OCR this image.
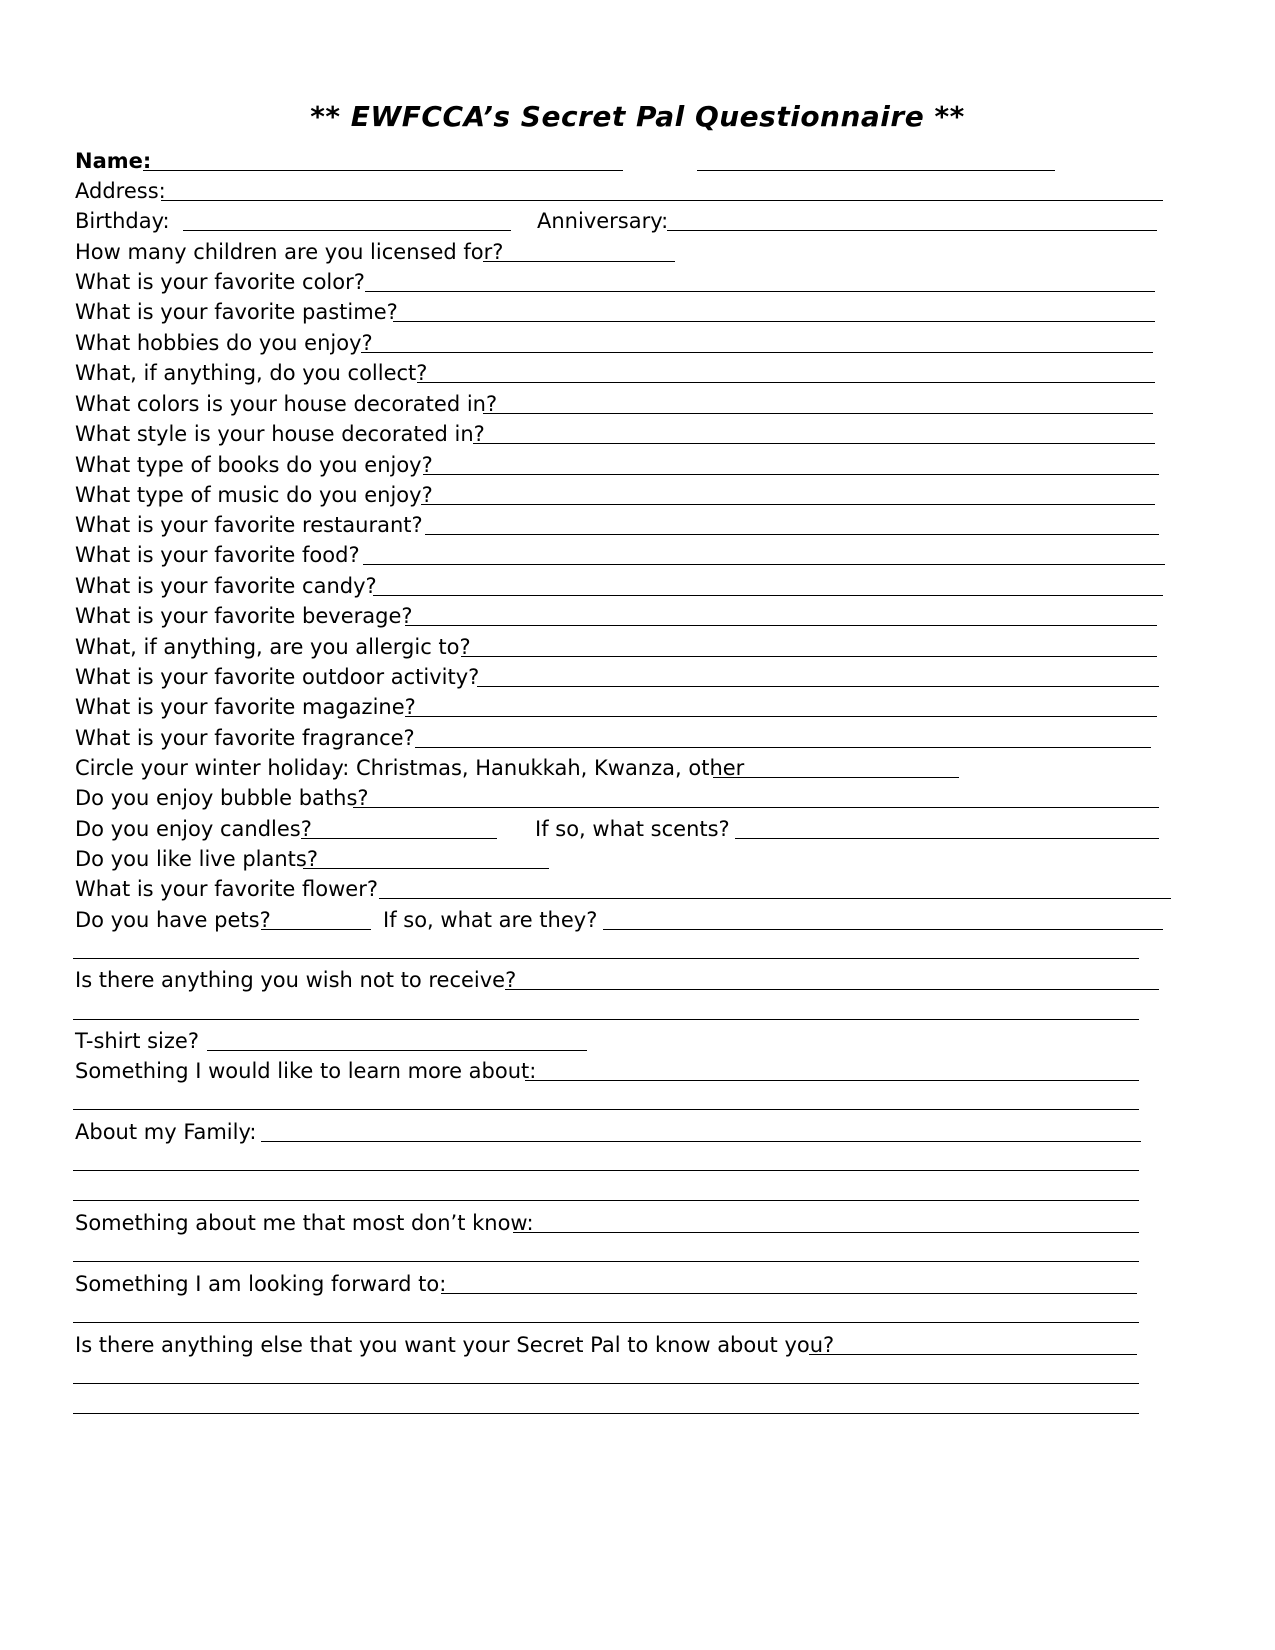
** EWFCCA’s Secret Pal Questionnaire **
Name:
Address:
Birthday:	Anniversary:
How many children are you licensed for?
What is your favorite color?
What is your favorite pastime?
What hobbies do you enjoy?
What, if anything, do you collect?
What colors is your house decorated in?
What style is your house decorated in?
What type of books do you enjoy?
What type of music do you enjoy?
What is your favorite restaurant?
What is your favorite food?
What is your favorite candy?
What is your favorite beverage?
What, if anything, are you allergic to?
What is your favorite outdoor activity?
What is your favorite magazine?
What is your favorite fragrance?
Circle your winter holiday: Christmas, Hanukkah, Kwanza, other
Do you enjoy bubble baths?
Do you enjoy candles?	If so, what scents?
Do you like live plants?
What is your favorite flower?
Do you have pets?	If so, what are they?
Is there anything you wish not to receive?
T-shirt size?
Something I would like to learn more about:
About my Family:
Something about me that most don’t know:
Something I am looking forward to:
Is there anything else that you want your Secret Pal to know about you?
